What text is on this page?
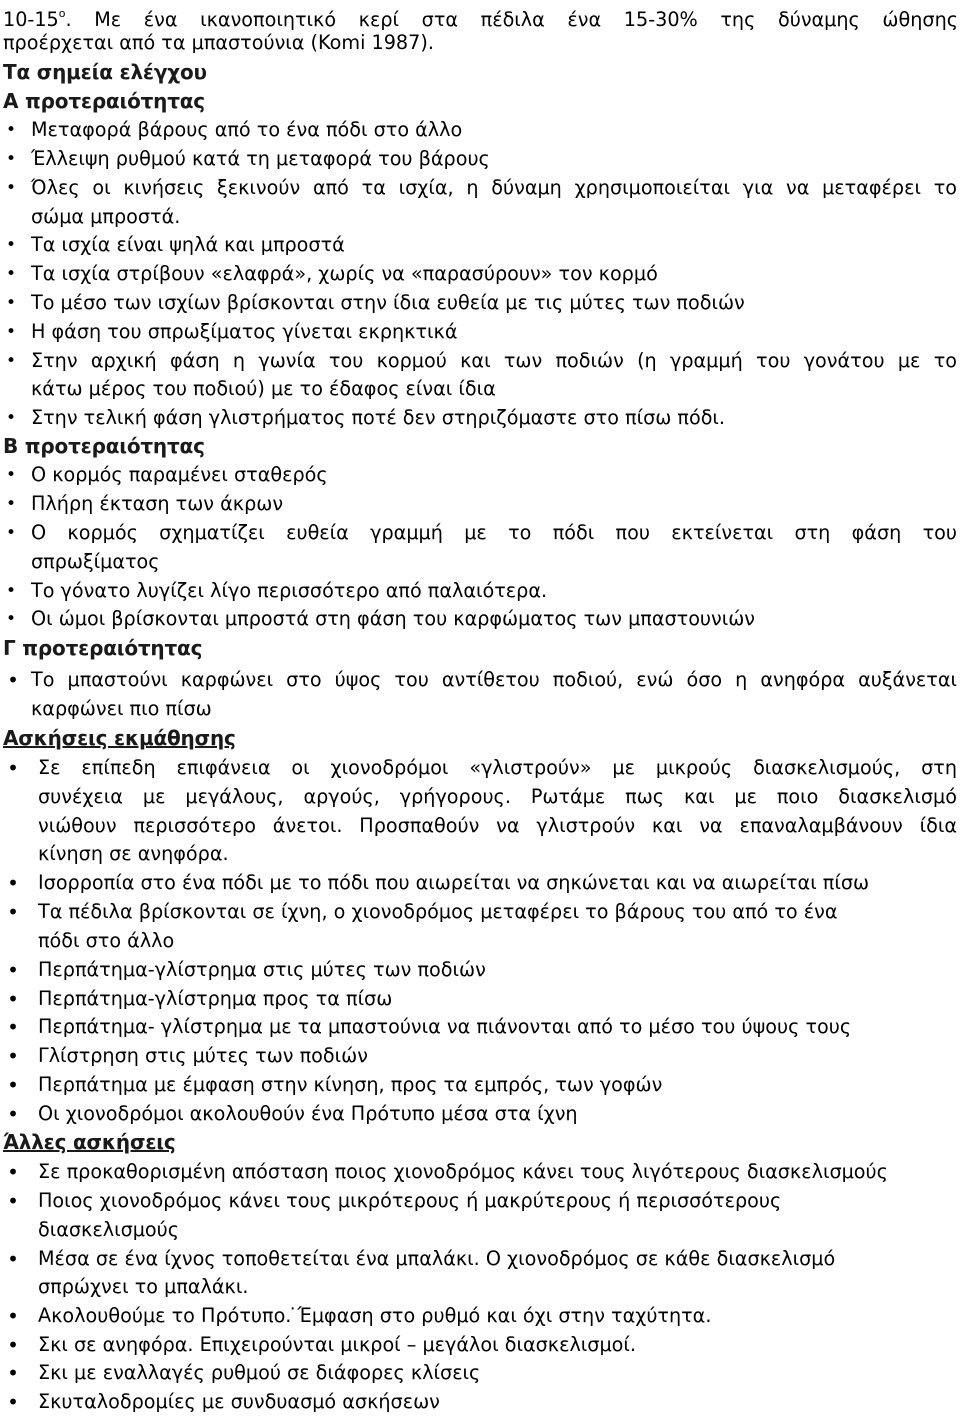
10-15$^o$. Με ένα ικανοποιητικό κερί στα πέδιλα ένα 15-30% της δύναμης ώθησης
προέρχεται από τα μπαστούνια (Komi 1987).
Τα σημεία ελέγχου
Α προτεραιότητας
•
Μεταφορά βάρους από το ένα πόδι στο άλλο
•
Έλλειψη ρυθμού κατά τη μεταφορά του βάρους
•
Όλες οι κινήσεις ξεκινούν από τα ισχία, η δύναμη χρησιμοποιείται για να μεταφέρει το
σώμα μπροστά.
•
Τα ισχία είναι ψηλά και μπροστά
•
Τα ισχία στρίβουν «ελαφρά», χωρίς να «παρασύρουν» τον κορμό
•
Το μέσο των ισχίων βρίσκονται στην ίδια ευθεία με τις μύτες των ποδιών
•
Η φάση του σπρωξίματος γίνεται εκρηκτικά
•
Στην αρχική φάση η γωνία του κορμού και των ποδιών (η γραμμή του γονάτου με το
κάτω μέρος του ποδιού) με το έδαφος είναι ίδια
•
Στην τελική φάση γλιστρήματος ποτέ δεν στηριζόμαστε στο πίσω πόδι.
Β προτεραιότητας
•
Ο κορμός παραμένει σταθερός
•
Πλήρη έκταση των άκρων
•
Ο κορμός σχηματίζει ευθεία γραμμή με το πόδι που εκτείνεται στη φάση του
σπρωξίματος
•
Το γόνατο λυγίζει λίγο περισσότερο από παλαιότερα.
•
Οι ώμοι βρίσκονται μπροστά στη φάση του καρφώματος των μπαστουνιών
Γ προτεραιότητας
•
Το μπαστούνι καρφώνει στο ύψος του αντίθετου ποδιού, ενώ όσο η ανηφόρα αυξάνεται
καρφώνει πιο πίσω
Ασκήσεις εκμάθησης
•
Σε επίπεδη επιφάνεια οι χιονοδρόμοι «γλιστρούν» με μικρούς διασκελισμούς, στη
συνέχεια με μεγάλους, αργούς, γρήγορους. Ρωτάμε πως και με ποιο διασκελισμό
νιώθουν περισσότερο άνετοι. Προσπαθούν να γλιστρούν και να επαναλαμβάνουν ίδια
κίνηση σε ανηφόρα.
•
Ισορροπία στο ένα πόδι με το πόδι που αιωρείται να σηκώνεται και να αιωρείται πίσω
•
Τα πέδιλα βρίσκονται σε ίχνη, ο χιονοδρόμος μεταφέρει το βάρους του από το ένα
πόδι στο άλλο
•
Περπάτημα-γλίστρημα στις μύτες των ποδιών
•
Περπάτημα-γλίστρημα προς τα πίσω
•
Περπάτημα- γλίστρημα με τα μπαστούνια να πιάνονται από το μέσο του ύψους τους
•
Γλίστρηση στις μύτες των ποδιών
•
Περπάτημα με έμφαση στην κίνηση, προς τα εμπρός, των γοφών
•
Οι χιονοδρόμοι ακολουθούν ένα Πρότυπο μέσα στα ίχνη
Άλλες ασκήσεις
•
Σε προκαθορισμένη απόσταση ποιος χιονοδρόμος κάνει τους λιγότερους διασκελισμούς
•
Ποιος χιονοδρόμος κάνει τους μικρότερους ή μακρύτερους ή περισσότερους
διασκελισμούς
•
Μέσα σε ένα ίχνος τοποθετείται ένα μπαλάκι. Ο χιονοδρόμος σε κάθε διασκελισμό
σπρώχνει το μπαλάκι.
•
Ακολουθούμε το Πρότυπο. ̇Έμφαση στο ρυθμό και όχι στην ταχύτητα.
•
Σκι σε ανηφόρα. Επιχειρούνται μικροί – μεγάλοι διασκελισμοί.
•
Σκι με εναλλαγές ρυθμού σε διάφορες κλίσεις
•
Σκυταλοδρομίες με συνδυασμό ασκήσεων
